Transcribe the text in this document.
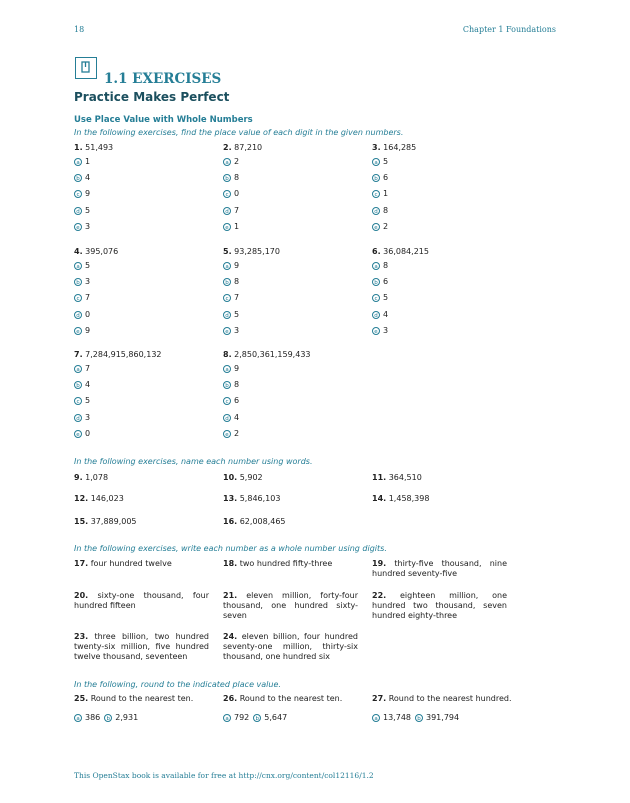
18	Chapter 1 Foundations
1.1 EXERCISES
Practice Makes Perfect
Use Place Value with Whole Numbers
In the following exercises, find the place value of each digit in the given numbers.
1. 51,493
a 1
b 4
c 9
d 5
e 3
2. 87,210
a 2
b 8
c 0
d 7
e 1
3. 164,285
a 5
b 6
c 1
d 8
e 2
4. 395,076
a 5
b 3
c 7
d 0
e 9
5. 93,285,170
a 9
b 8
c 7
d 5
e 3
6. 36,084,215
a 8
b 6
c 5
d 4
e 3
7. 7,284,915,860,132
a 7
b 4
c 5
d 3
e 0
8. 2,850,361,159,433
a 9
b 8
c 6
d 4
e 2
In the following exercises, name each number using words.
9. 1,078	10. 5,902	11. 364,510
12. 146,023	13. 5,846,103	14. 1,458,398
15. 37,889,005	16. 62,008,465
In the following exercises, write each number as a whole number using digits.
17. four hundred twelve	18. two hundred fifty-three	19. thirty-five thousand, nine hundred seventy-five
20. sixty-one thousand, four hundred fifteen
21. eleven million, forty-four thousand, one hundred sixty-seven
22. eighteen million, one hundred two thousand, seven hundred eighty-three
23. three billion, two hundred twenty-six million, five hundred twelve thousand, seventeen
24. eleven billion, four hundred seventy-one million, thirty-six thousand, one hundred six
In the following, round to the indicated place value.
25. Round to the nearest ten.
a 386	b 2,931
26. Round to the nearest ten.
a 792	b 5,647
27. Round to the nearest hundred.
a 13,748	b 391,794
This OpenStax book is available for free at http://cnx.org/content/col12116/1.2
